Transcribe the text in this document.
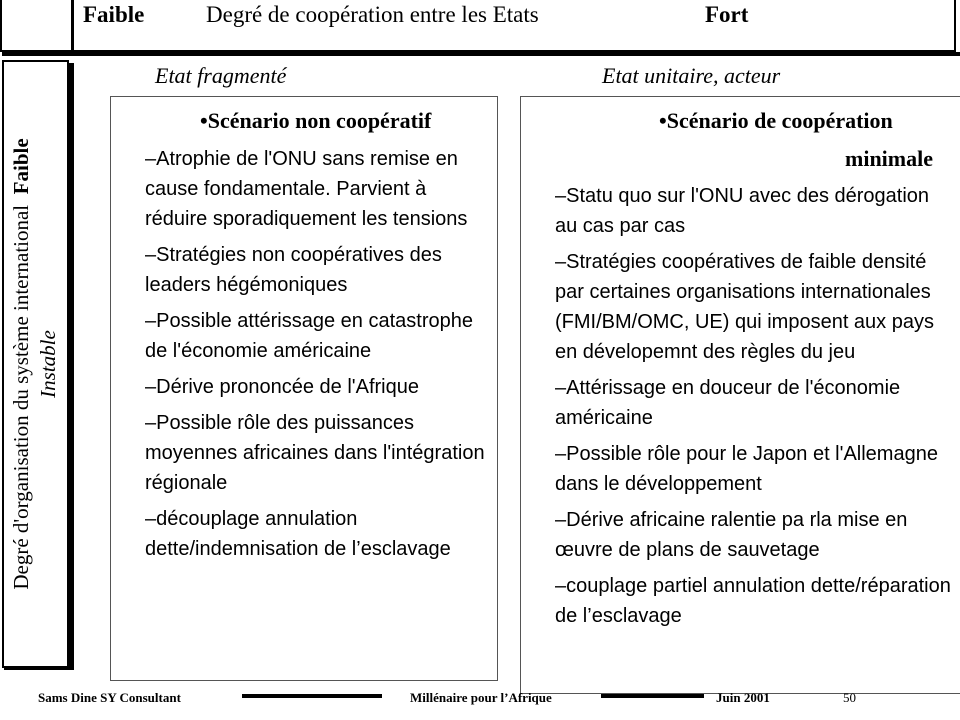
Faible	Degré de coopération entre les Etats	Fort
Degré d'organisation du système international  Faible
Instable
Etat fragmenté	Etat unitaire, acteur
•Scénario non coopératif
–Atrophie de l'ONU sans remise en cause fondamentale. Parvient à réduire sporadiquement les tensions
–Stratégies non coopératives des leaders hégémoniques
–Possible attérissage en catastrophe de l'économie américaine
–Dérive prononcée de l'Afrique
–Possible rôle des puissances moyennes africaines dans l'intégration régionale
–découplage annulation dette/indemnisation de l’esclavage
•Scénario de coopération
minimale
–Statu quo sur l'ONU avec des dérogation au cas par cas
–Stratégies coopératives de faible densité par certaines organisations internationales (FMI/BM/OMC, UE) qui imposent aux pays en dévelopemnt des règles du jeu
–Attérissage en douceur de l'économie américaine
–Possible rôle pour le Japon et l'Allemagne dans le développement
–Dérive africaine ralentie pa rla mise en œuvre de plans de sauvetage
–couplage partiel annulation dette/réparation de l’esclavage
Sams Dine SY Consultant	Millénaire pour l’Afrique	Juin 2001	50
